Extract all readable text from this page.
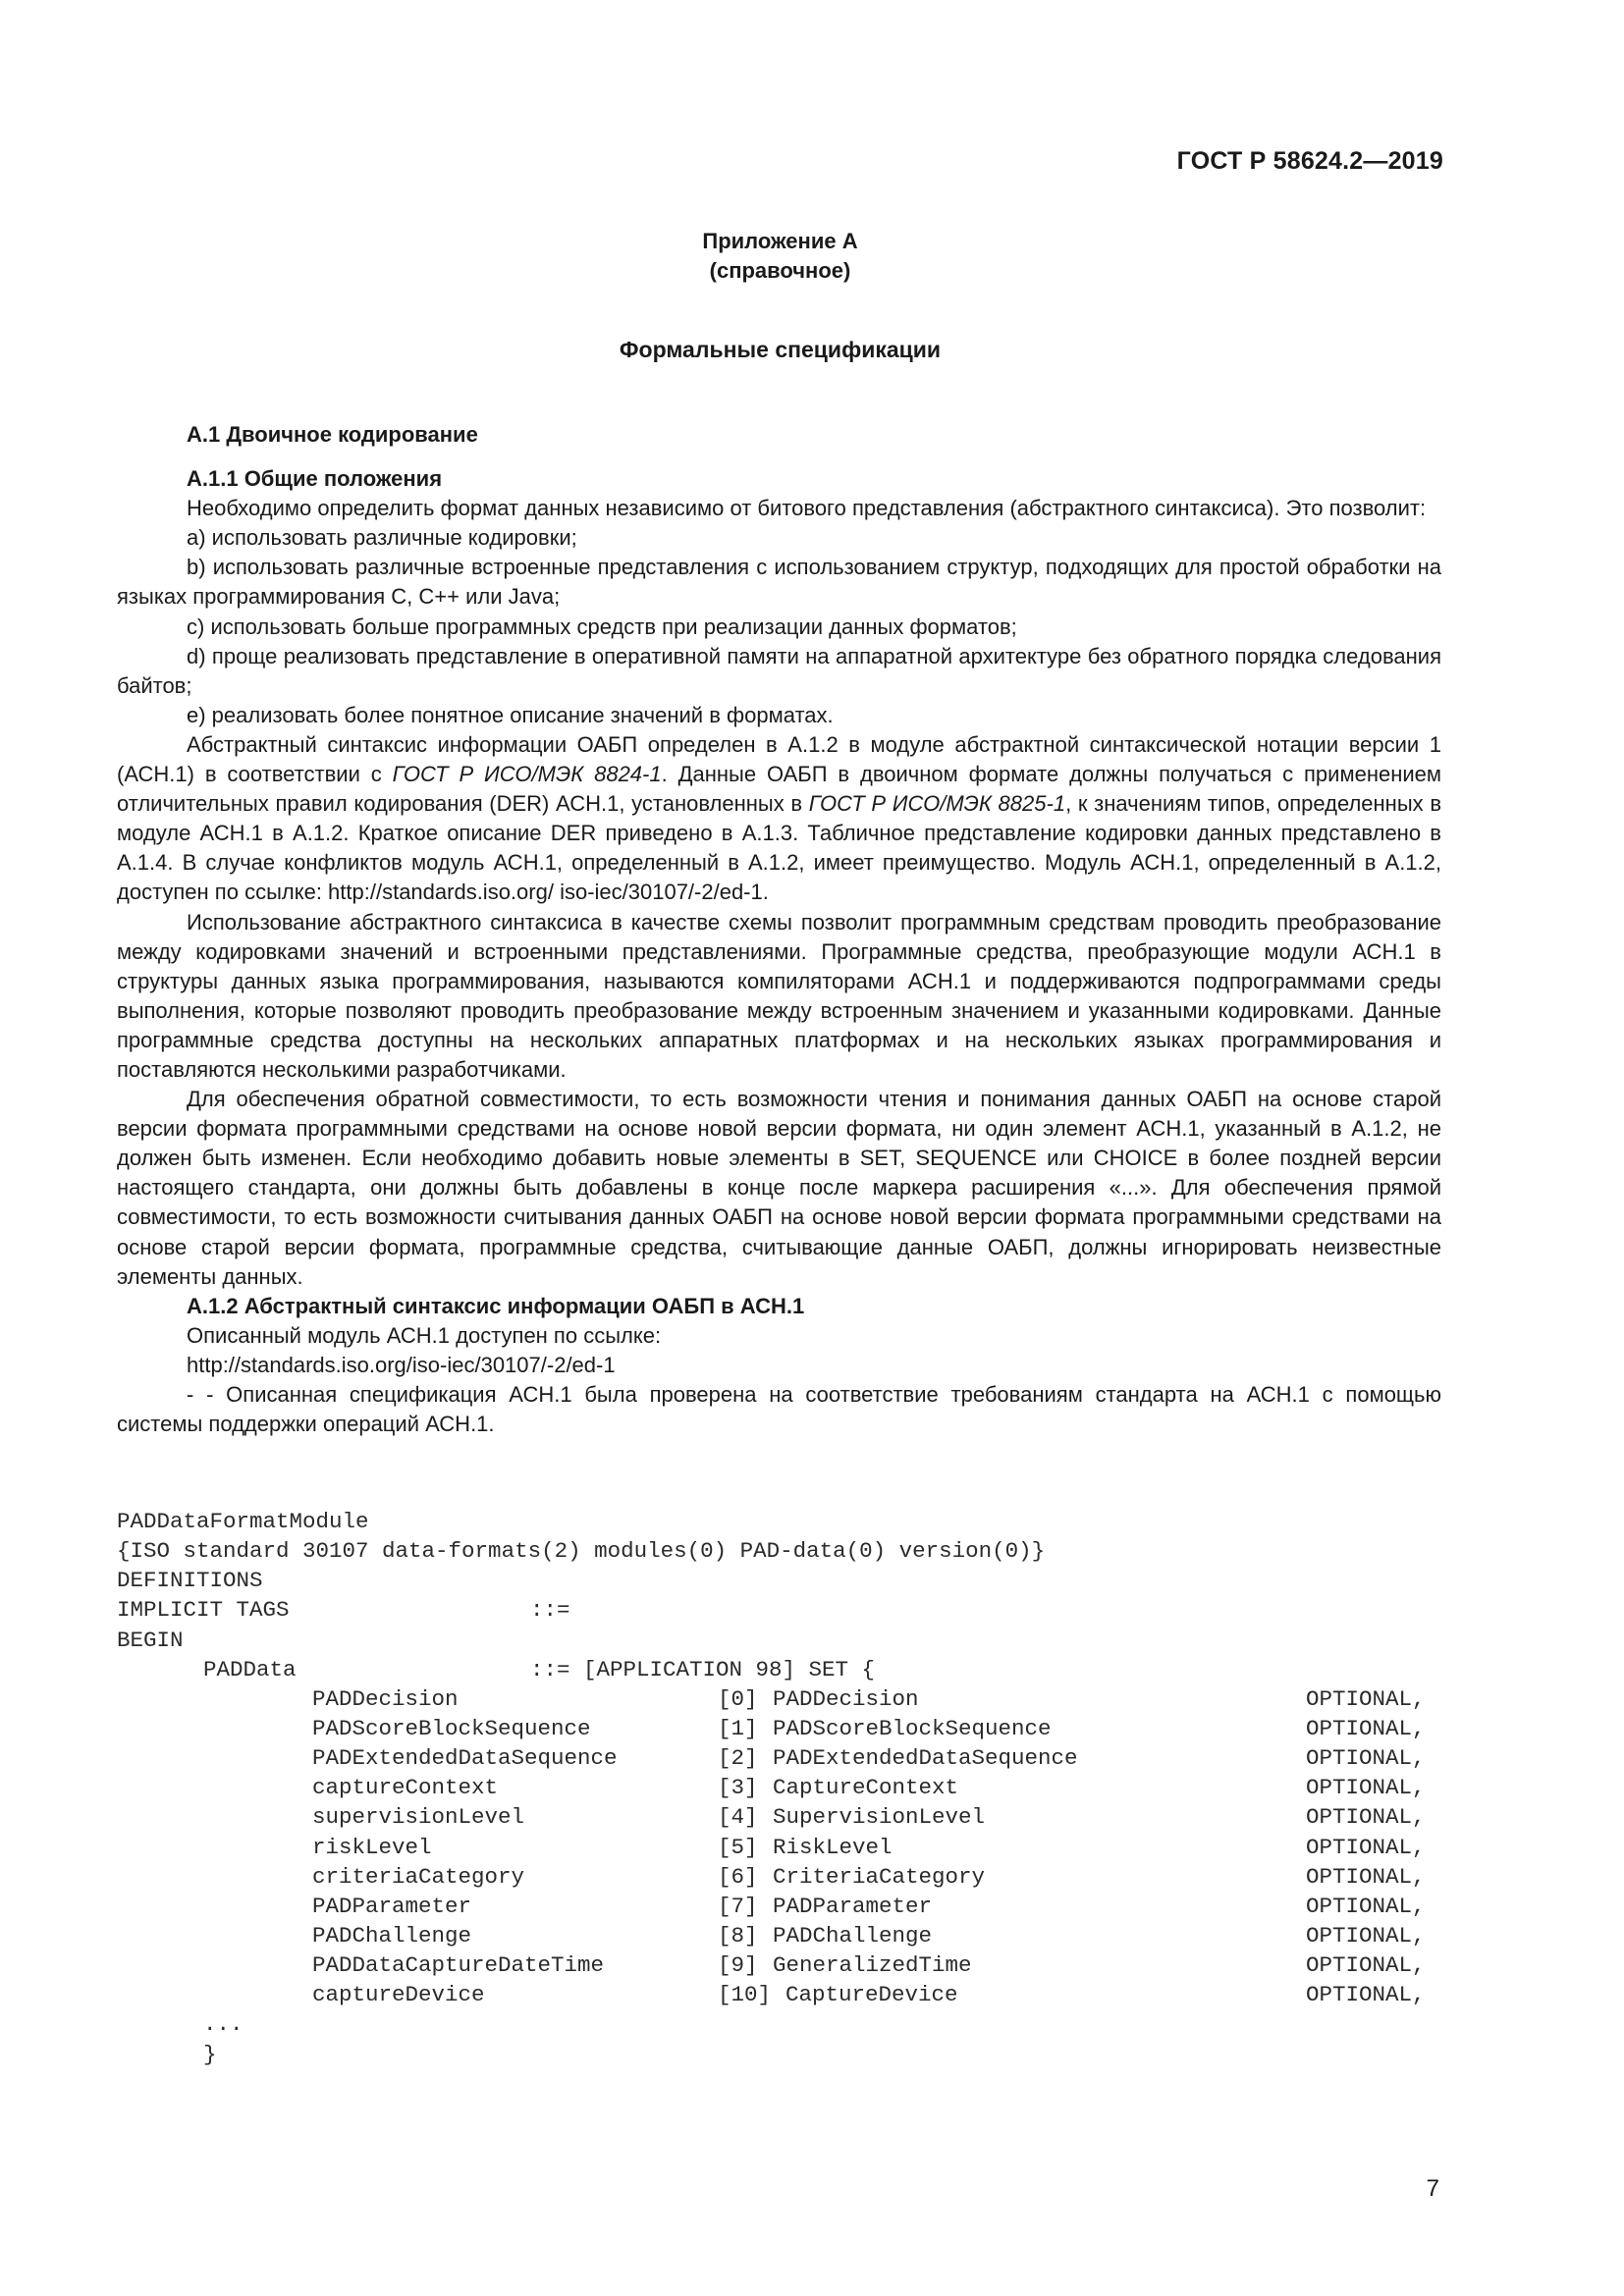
ГОСТ Р 58624.2—2019
Приложение А
(справочное)
Формальные спецификации

А.1 Двоичное кодирование

А.1.1 Общие положения

Необходимо определить формат данных независимо от битового представления (абстрактного синтаксиса). Это позволит:

а) использовать различные кодировки;

b) использовать различные встроенные представления с использованием структур, подходящих для простой обработки на языках программирования С, С++ или Java;

с) использовать больше программных средств при реализации данных форматов;

d) проще реализовать представление в оперативной памяти на аппаратной архитектуре без обратного порядка следования байтов;

е) реализовать более понятное описание значений в форматах.

Абстрактный синтаксис информации ОАБП определен в А.1.2 в модуле абстрактной синтаксической нотации версии 1 (АСН.1) в соответствии с ГОСТ Р ИСО/МЭК 8824-1. Данные ОАБП в двоичном формате должны получаться с применением отличительных правил кодирования (DER) АСН.1, установленных в ГОСТ Р ИСО/МЭК 8825-1, к значениям типов, определенных в модуле АСН.1 в А.1.2. Краткое описание DER приведено в А.1.3. Табличное представление кодировки данных представлено в А.1.4. В случае конфликтов модуль АСН.1, определенный в А.1.2, имеет преимущество. Модуль АСН.1, определенный в А.1.2, доступен по ссылке: http://standards.iso.org/ iso-iec/30107/-2/ed-1.

Использование абстрактного синтаксиса в качестве схемы позволит программным средствам проводить преобразование между кодировками значений и встроенными представлениями. Программные средства, преобразующие модули АСН.1 в структуры данных языка программирования, называются компиляторами АСН.1 и поддерживаются подпрограммами среды выполнения, которые позволяют проводить преобразование между встроенным значением и указанными кодировками. Данные программные средства доступны на нескольких аппаратных платформах и на нескольких языках программирования и поставляются несколькими разработчиками.

Для обеспечения обратной совместимости, то есть возможности чтения и понимания данных ОАБП на основе старой версии формата программными средствами на основе новой версии формата, ни один элемент АСН.1, указанный в А.1.2, не должен быть изменен. Если необходимо добавить новые элементы в SET, SEQUENCE или CHOICE в более поздней версии настоящего стандарта, они должны быть добавлены в конце после маркера расширения «...». Для обеспечения прямой совместимости, то есть возможности считывания данных ОАБП на основе новой версии формата программными средствами на основе старой версии формата, программные средства, считывающие данные ОАБП, должны игнорировать неизвестные элементы данных.

А.1.2 Абстрактный синтаксис информации ОАБП в АСН.1

Описанный модуль АСН.1 доступен по ссылке:

http://standards.iso.org/iso-iec/30107/-2/ed-1

- - Описанная спецификация АСН.1 была проверена на соответствие требованиям стандарта на АСН.1 с помощью системы поддержки операций АСН.1.

PADDataFormatModule
{ISO standard 30107 data-formats(2) modules(0) PAD-data(0) version(0)}
DEFINITIONS
IMPLICIT TAGS	::=
BEGIN
PADData	::= [APPLICATION 98] SET {
PADDecision	[0] PADDecision	OPTIONAL,
PADScoreBlockSequence	[1] PADScoreBlockSequence	OPTIONAL,
PADExtendedDataSequence	[2] PADExtendedDataSequence	OPTIONAL,
captureContext	[3] CaptureContext	OPTIONAL,
supervisionLevel	[4] SupervisionLevel	OPTIONAL,
riskLevel	[5] RiskLevel	OPTIONAL,
criteriaCategory	[6] CriteriaCategory	OPTIONAL,
PADParameter	[7] PADParameter	OPTIONAL,
PADChallenge	[8] PADChallenge	OPTIONAL,
PADDataCaptureDateTime	[9] GeneralizedTime	OPTIONAL,
captureDevice	[10] CaptureDevice	OPTIONAL,
...
}
7
